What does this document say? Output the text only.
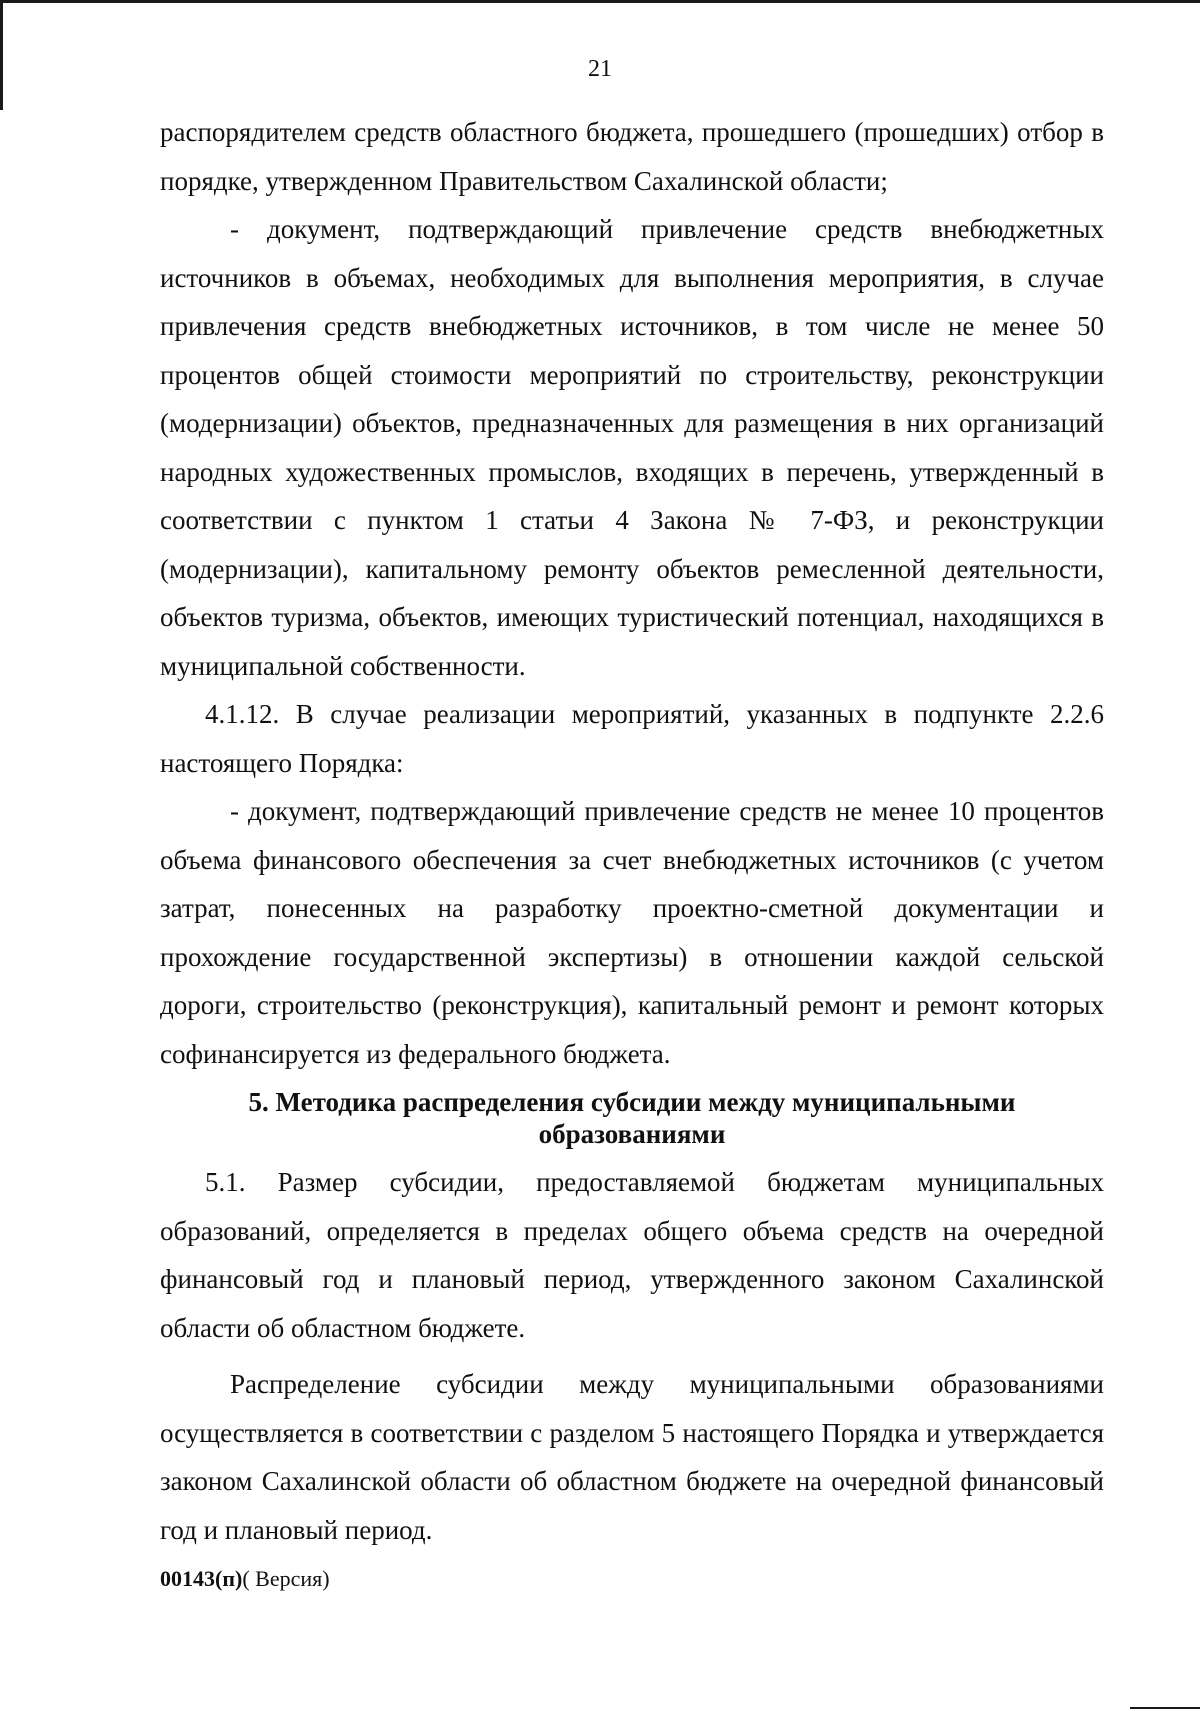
21

распорядителем средств областного бюджета, прошедшего (прошедших) отбор в порядке, утвержденном Правительством Сахалинской области;

- документ, подтверждающий привлечение средств внебюджетных источников в объемах, необходимых для выполнения мероприятия, в случае привлечения средств внебюджетных источников, в том числе не менее 50 процентов общей стоимости мероприятий по строительству, реконструкции (модернизации) объектов, предназначенных для размещения в них организаций народных художественных промыслов, входящих в перечень, утвержденный в соответствии с пунктом 1 статьи 4 Закона № 7-ФЗ, и реконструкции (модернизации), капитальному ремонту объектов ремесленной деятельности, объектов туризма, объектов, имеющих туристический потенциал, находящихся в муниципальной собственности.

4.1.12. В случае реализации мероприятий, указанных в подпункте 2.2.6 настоящего Порядка:

- документ, подтверждающий привлечение средств не менее 10 процентов объема финансового обеспечения за счет внебюджетных источников (с учетом затрат, понесенных на разработку проектно-сметной документации и прохождение государственной экспертизы) в отношении каждой сельской дороги, строительство (реконструкция), капитальный ремонт и ремонт которых софинансируется из федерального бюджета.

5. Методика распределения субсидии между муниципальными образованиями

5.1. Размер субсидии, предоставляемой бюджетам муниципальных образований, определяется в пределах общего объема средств на очередной финансовый год и плановый период, утвержденного законом Сахалинской области об областном бюджете.

Распределение субсидии между муниципальными образованиями осуществляется в соответствии с разделом 5 настоящего Порядка и утверждается законом Сахалинской области об областном бюджете на очередной финансовый год и плановый период.

00143(п)( Версия)
